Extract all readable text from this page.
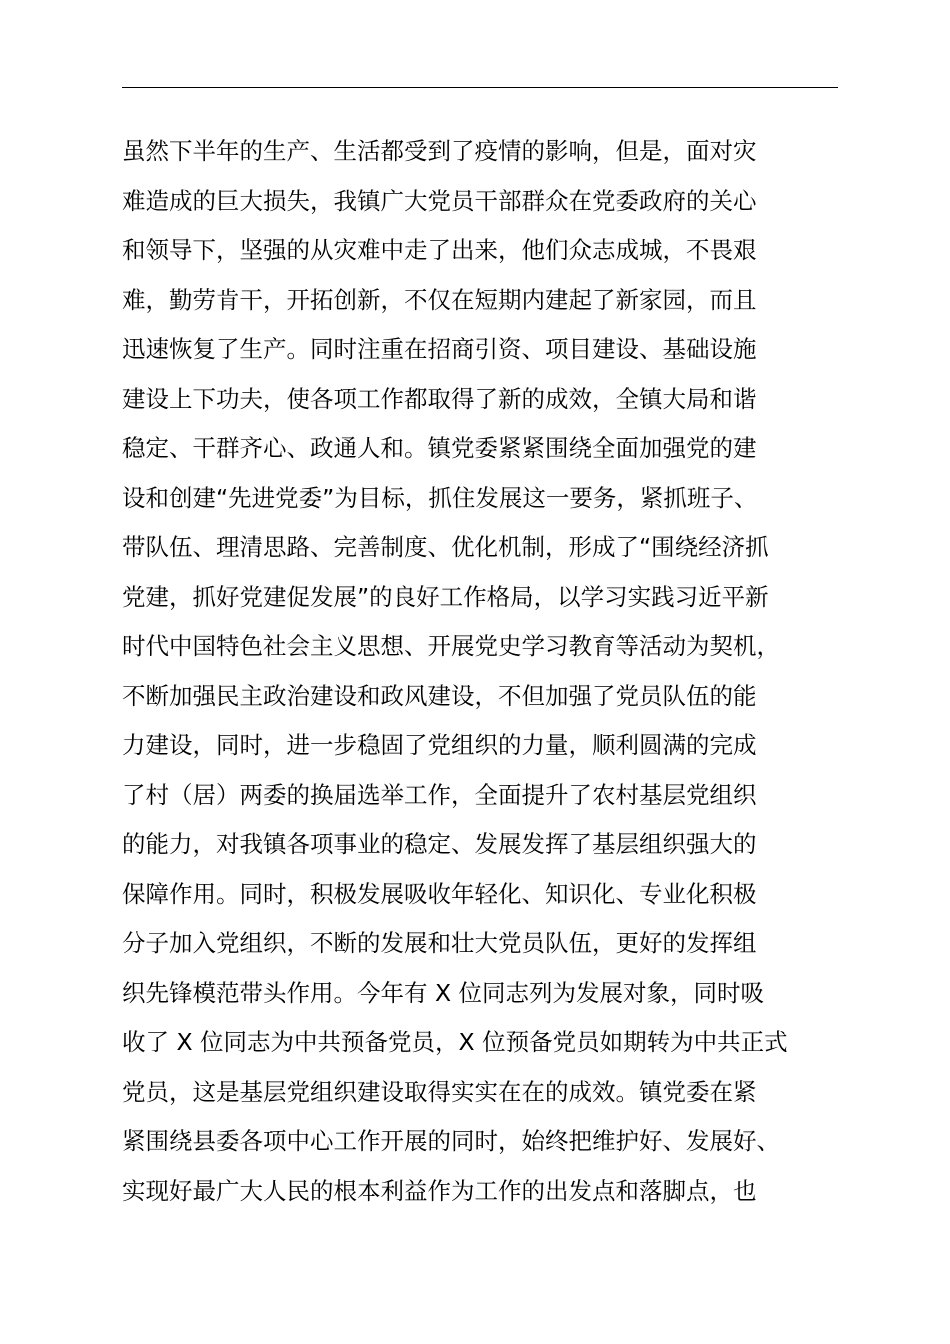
虽然下半年的生产、生活都受到了疫情的影响，但是，面对灾
难造成的巨大损失，我镇广大党员干部群众在党委政府的关心
和领导下，坚强的从灾难中走了出来，他们众志成城，不畏艰
难，勤劳肯干，开拓创新，不仅在短期内建起了新家园，而且
迅速恢复了生产。同时注重在招商引资、项目建设、基础设施
建设上下功夫，使各项工作都取得了新的成效，全镇大局和谐
稳定、干群齐心、政通人和。镇党委紧紧围绕全面加强党的建
设和创建“先进党委”为目标，抓住发展这一要务，紧抓班子、
带队伍、理清思路、完善制度、优化机制，形成了“围绕经济抓
党建，抓好党建促发展”的良好工作格局，以学习实践习近平新
时代中国特色社会主义思想、开展党史学习教育等活动为契机，
不断加强民主政治建设和政风建设，不但加强了党员队伍的能
力建设，同时，进一步稳固了党组织的力量，顺利圆满的完成
了村（居）两委的换届选举工作，全面提升了农村基层党组织
的能力，对我镇各项事业的稳定、发展发挥了基层组织强大的
保障作用。同时，积极发展吸收年轻化、知识化、专业化积极
分子加入党组织，不断的发展和壮大党员队伍，更好的发挥组
织先锋模范带头作用。今年有 X 位同志列为发展对象，同时吸
收了 X 位同志为中共预备党员，X 位预备党员如期转为中共正式
党员，这是基层党组织建设取得实实在在的成效。镇党委在紧
紧围绕县委各项中心工作开展的同时，始终把维护好、发展好、
实现好最广大人民的根本利益作为工作的出发点和落脚点，也
